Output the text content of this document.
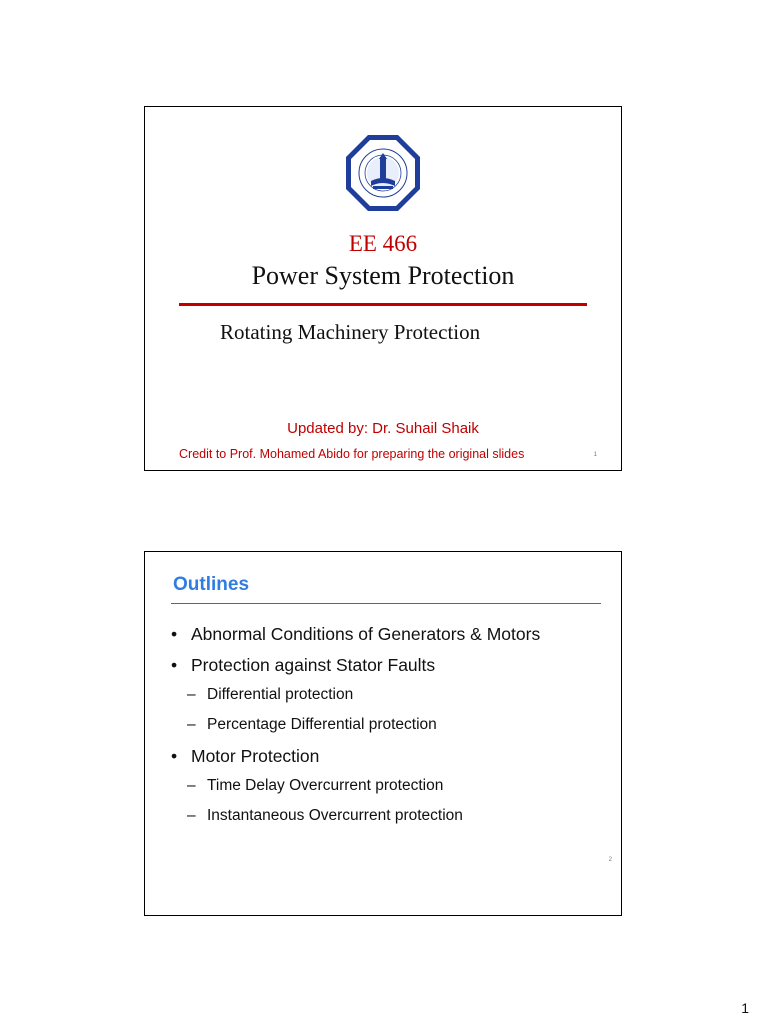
EE 466
Power System Protection
Rotating Machinery Protection
Updated by: Dr. Suhail Shaik
Credit to Prof. Mohamed Abido for preparing the original slides	1
Outlines
• Abnormal Conditions of Generators & Motors
• Protection against Stator Faults
– Differential protection
– Percentage Differential protection
• Motor Protection
– Time Delay Overcurrent protection
– Instantaneous Overcurrent protection
2
1
